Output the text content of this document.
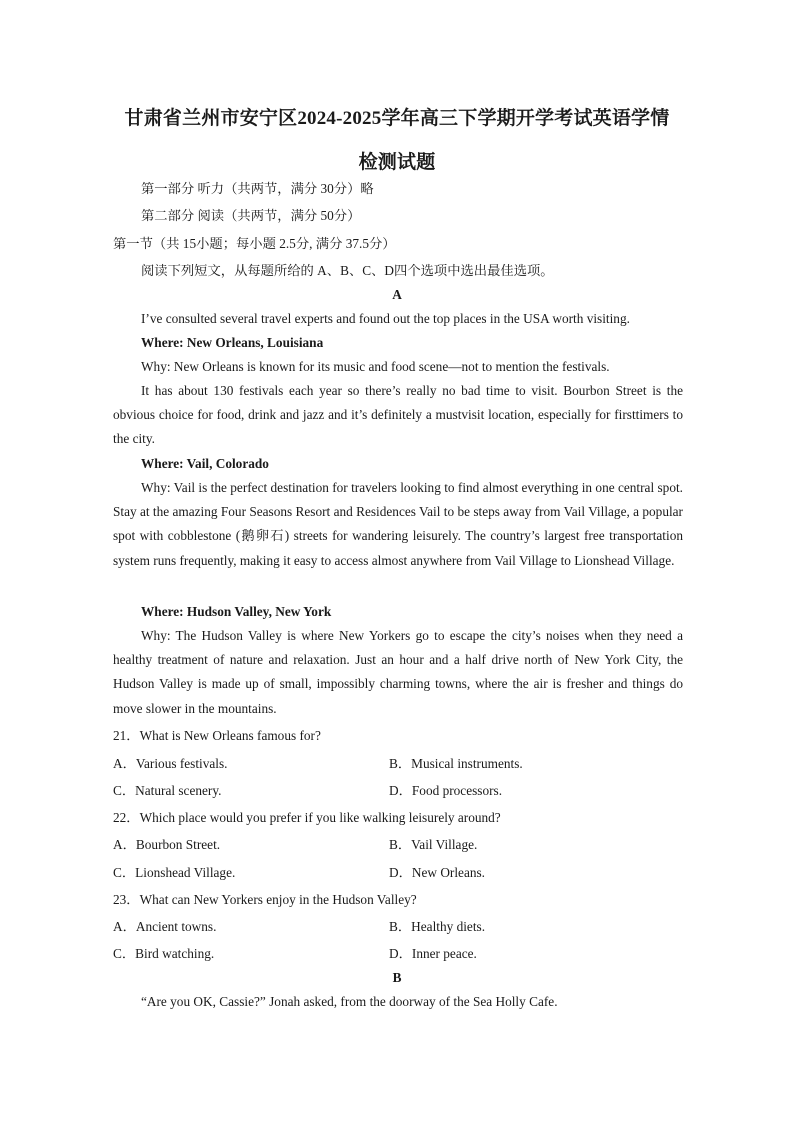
甘肃省兰州市安宁区2024-2025学年高三下学期开学考试英语学情
检测试题
第一部分 听力（共两节，满分 30分）略
第二部分 阅读（共两节，满分 50分）
第一节（共 15小题；每小题 2.5分, 满分 37.5分）
阅读下列短文，从每题所给的 A、B、C、D四个选项中选出最佳选项。
A
I’ve consulted several travel experts and found out the top places in the USA worth visiting.
Where: New Orleans, Louisiana
Why: New Orleans is known for its music and food scene—not to mention the festivals.
It has about 130 festivals each year so there’s really no bad time to visit. Bourbon Street is the obvious choice for food, drink and jazz and it’s definitely a mustvisit location, especially for firsttimers to the city.
Where: Vail, Colorado
Why: Vail is the perfect destination for travelers looking to find almost everything in one central spot. Stay at the amazing Four Seasons Resort and Residences Vail to be steps away from Vail Village, a popular spot with cobblestone (鹅卵石) streets for wandering leisurely. The country’s largest free transportation system runs frequently, making it easy to access almost anywhere from Vail Village to Lionshead Village.
Where: Hudson Valley, New York
Why: The Hudson Valley is where New Yorkers go to escape the city’s noises when they need a healthy treatment of nature and relaxation. Just an hour and a half drive north of New York City, the Hudson Valley is made up of small, impossibly charming towns, where the air is fresher and things do move slower in the mountains.
21．What is New Orleans famous for?
A．Various festivals.	B．Musical instruments.
C．Natural scenery.	D．Food processors.
22．Which place would you prefer if you like walking leisurely around?
A．Bourbon Street.	B．Vail Village.
C．Lionshead Village.	D．New Orleans.
23．What can New Yorkers enjoy in the Hudson Valley?
A．Ancient towns.	B．Healthy diets.
C．Bird watching.	D．Inner peace.
B
“Are you OK, Cassie?” Jonah asked, from the doorway of the Sea Holly Cafe.
